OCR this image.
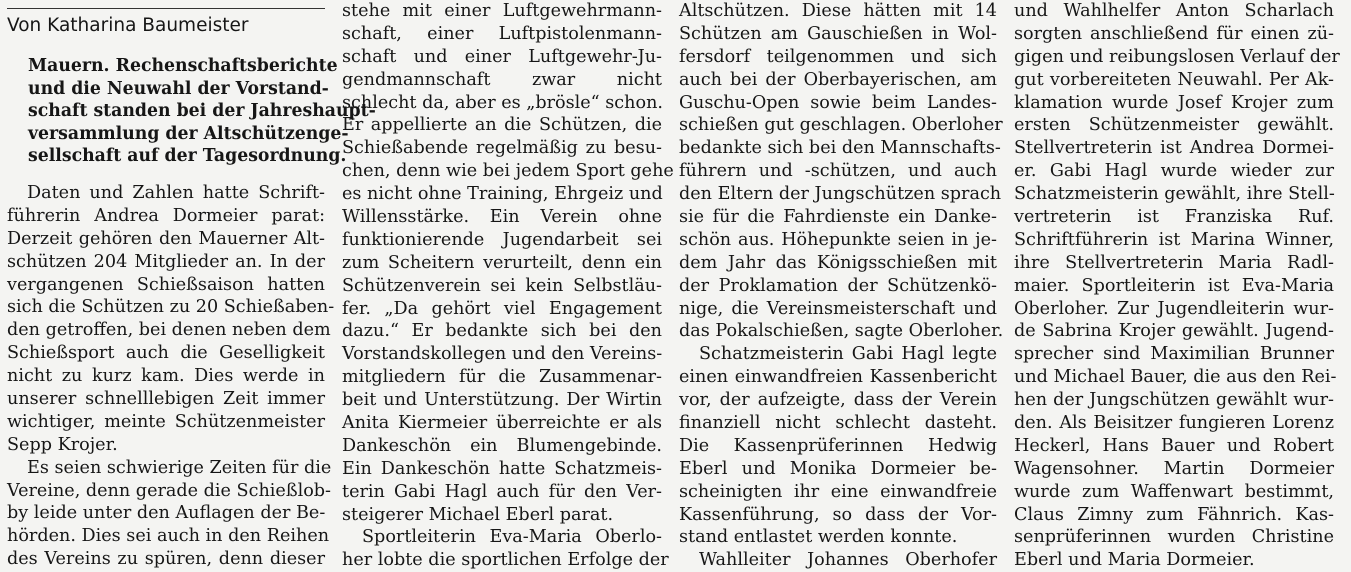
Von Katharina Baumeister
Mauern. Rechenschaftsberichte
und die Neuwahl der Vorstand-
schaft standen bei der Jahreshaupt-
versammlung der Altschützenge-
sellschaft auf der Tagesordnung.
Daten und Zahlen hatte Schrift-
führerin Andrea Dormeier parat:
Derzeit gehören den Mauerner Alt-
schützen 204 Mitglieder an. In der
vergangenen Schießsaison hatten
sich die Schützen zu 20 Schießaben-
den getroffen, bei denen neben dem
Schießsport auch die Geselligkeit
nicht zu kurz kam. Dies werde in
unserer schnelllebigen Zeit immer
wichtiger, meinte Schützenmeister
Sepp Krojer.
Es seien schwierige Zeiten für die
Vereine, denn gerade die Schießlob-
by leide unter den Auflagen der Be-
hörden. Dies sei auch in den Reihen
des Vereins zu spüren, denn dieser
stehe mit einer Luftgewehrmann-
schaft, einer Luftpistolenmann-
schaft und einer Luftgewehr-Ju-
gendmannschaft zwar nicht
schlecht da, aber es „brösle“ schon.
Er appellierte an die Schützen, die
Schießabende regelmäßig zu besu-
chen, denn wie bei jedem Sport gehe
es nicht ohne Training, Ehrgeiz und
Willensstärke. Ein Verein ohne
funktionierende Jugendarbeit sei
zum Scheitern verurteilt, denn ein
Schützenverein sei kein Selbstläu-
fer. „Da gehört viel Engagement
dazu.“ Er bedankte sich bei den
Vorstandskollegen und den Vereins-
mitgliedern für die Zusammenar-
beit und Unterstützung. Der Wirtin
Anita Kiermeier überreichte er als
Dankeschön ein Blumengebinde.
Ein Dankeschön hatte Schatzmeis-
terin Gabi Hagl auch für den Ver-
steigerer Michael Eberl parat.
Sportleiterin Eva-Maria Oberlo-
her lobte die sportlichen Erfolge der
Altschützen. Diese hätten mit 14
Schützen am Gauschießen in Wol-
fersdorf teilgenommen und sich
auch bei der Oberbayerischen, am
Guschu-Open sowie beim Landes-
schießen gut geschlagen. Oberloher
bedankte sich bei den Mannschafts-
führern und -schützen, und auch
den Eltern der Jungschützen sprach
sie für die Fahrdienste ein Danke-
schön aus. Höhepunkte seien in je-
dem Jahr das Königsschießen mit
der Proklamation der Schützenkö-
nige, die Vereinsmeisterschaft und
das Pokalschießen, sagte Oberloher.
Schatzmeisterin Gabi Hagl legte
einen einwandfreien Kassenbericht
vor, der aufzeigte, dass der Verein
finanziell nicht schlecht dasteht.
Die Kassenprüferinnen Hedwig
Eberl und Monika Dormeier be-
scheinigten ihr eine einwandfreie
Kassenführung, so dass der Vor-
stand entlastet werden konnte.
Wahlleiter Johannes Oberhofer
und Wahlhelfer Anton Scharlach
sorgten anschließend für einen zü-
gigen und reibungslosen Verlauf der
gut vorbereiteten Neuwahl. Per Ak-
klamation wurde Josef Krojer zum
ersten Schützenmeister gewählt.
Stellvertreterin ist Andrea Dormei-
er. Gabi Hagl wurde wieder zur
Schatzmeisterin gewählt, ihre Stell-
vertreterin ist Franziska Ruf.
Schriftführerin ist Marina Winner,
ihre Stellvertreterin Maria Radl-
maier. Sportleiterin ist Eva-Maria
Oberloher. Zur Jugendleiterin wur-
de Sabrina Krojer gewählt. Jugend-
sprecher sind Maximilian Brunner
und Michael Bauer, die aus den Rei-
hen der Jungschützen gewählt wur-
den. Als Beisitzer fungieren Lorenz
Heckerl, Hans Bauer und Robert
Wagensohner. Martin Dormeier
wurde zum Waffenwart bestimmt,
Claus Zimny zum Fähnrich. Kas-
senprüferinnen wurden Christine
Eberl und Maria Dormeier.
